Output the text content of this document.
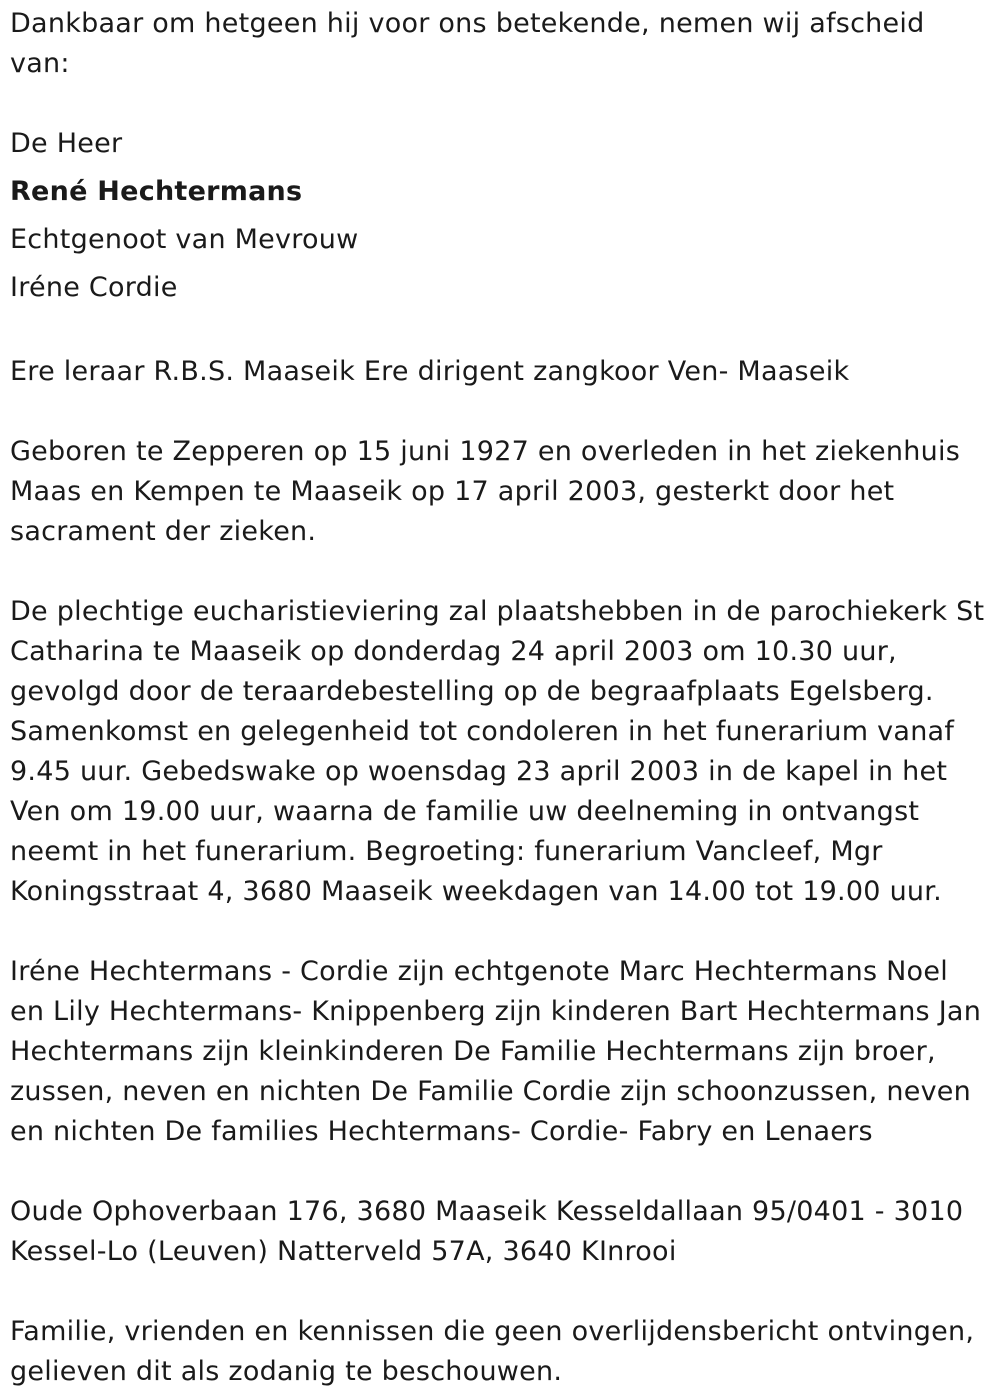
Dankbaar om hetgeen hij voor ons betekende, nemen wij afscheid van:

De Heer

René Hechtermans

Echtgenoot van Mevrouw

Iréne Cordie

Ere leraar R.B.S. Maaseik Ere dirigent zangkoor Ven- Maaseik

Geboren te Zepperen op 15 juni 1927 en overleden in het ziekenhuis Maas en Kempen te Maaseik op 17 april 2003, gesterkt door het sacrament der zieken.

De plechtige eucharistieviering zal plaatshebben in de parochiekerk St Catharina te Maaseik op donderdag 24 april 2003 om 10.30 uur, gevolgd door de teraardebestelling op de begraafplaats Egelsberg. Samenkomst en gelegenheid tot condoleren in het funerarium vanaf 9.45 uur. Gebedswake op woensdag 23 april 2003 in de kapel in het Ven om 19.00 uur, waarna de familie uw deelneming in ontvangst neemt in het funerarium. Begroeting: funerarium Vancleef, Mgr Koningsstraat 4, 3680 Maaseik weekdagen van 14.00 tot 19.00 uur.

Iréne Hechtermans - Cordie zijn echtgenote Marc Hechtermans Noel en Lily Hechtermans- Knippenberg zijn kinderen Bart Hechtermans Jan Hechtermans zijn kleinkinderen De Familie Hechtermans zijn broer, zussen, neven en nichten De Familie Cordie zijn schoonzussen, neven en nichten De families Hechtermans- Cordie- Fabry en Lenaers

Oude Ophoverbaan 176, 3680 Maaseik Kesseldallaan 95/0401 - 3010 Kessel-Lo (Leuven) Natterveld 57A, 3640 KInrooi

Familie, vrienden en kennissen die geen overlijdensbericht ontvingen, gelieven dit als zodanig te beschouwen.
